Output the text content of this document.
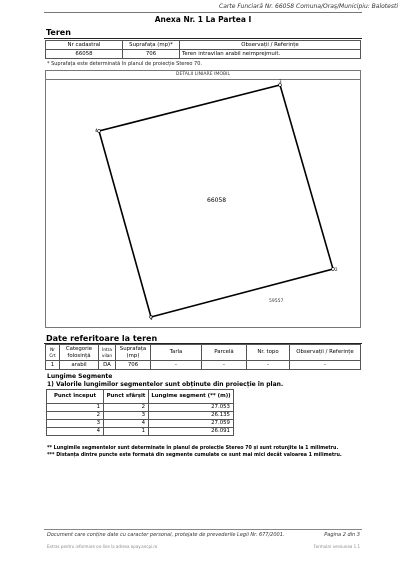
Carte Funciară Nr. 66058 Comuna/Oraș/Municipiu: Balotesti
Anexa Nr. 1 La Partea I
Teren
Nr cadastral	Suprafața (mp)*	Observații / Referințe
66058	706	Teren intravilan arabil neimprejmuit.
* Suprafața este determinată în planul de proiecție Stereo 70.
DETALII LINIARE IMOBIL
1
2
3
4
66058
59557
Date referitoare la teren
Nr Crt	Categorie folosință	Intra vilan	Suprafața (mp)	Tarla	Parcelă	Nr. topo	Observații / Referințe
1	arabil	DA	706	-	-	-	-
Lungime Segmente
1) Valorile lungimilor segmentelor sunt obținute din proiecție în plan.
Punct început	Punct sfârșit	Lungime segment (** (m))
1	2	27.053
2	3	26.135
3	4	27.059
4	1	26.091
** Lungimile segmentelor sunt determinate în planul de proiecție Stereo 70 și sunt rotunjite la 1 milimetru.
*** Distanța dintre puncte este formată din segmente cumulate ce sunt mai mici decât valoarea 1 milimetru.
Document care conține date cu caracter personal, protejate de prevederile Legii Nr. 677/2001.	Pagina 2 din 3
Extras pentru informare on-line la adresa epay.ancpi.ro	Formular versiunea 1.1
